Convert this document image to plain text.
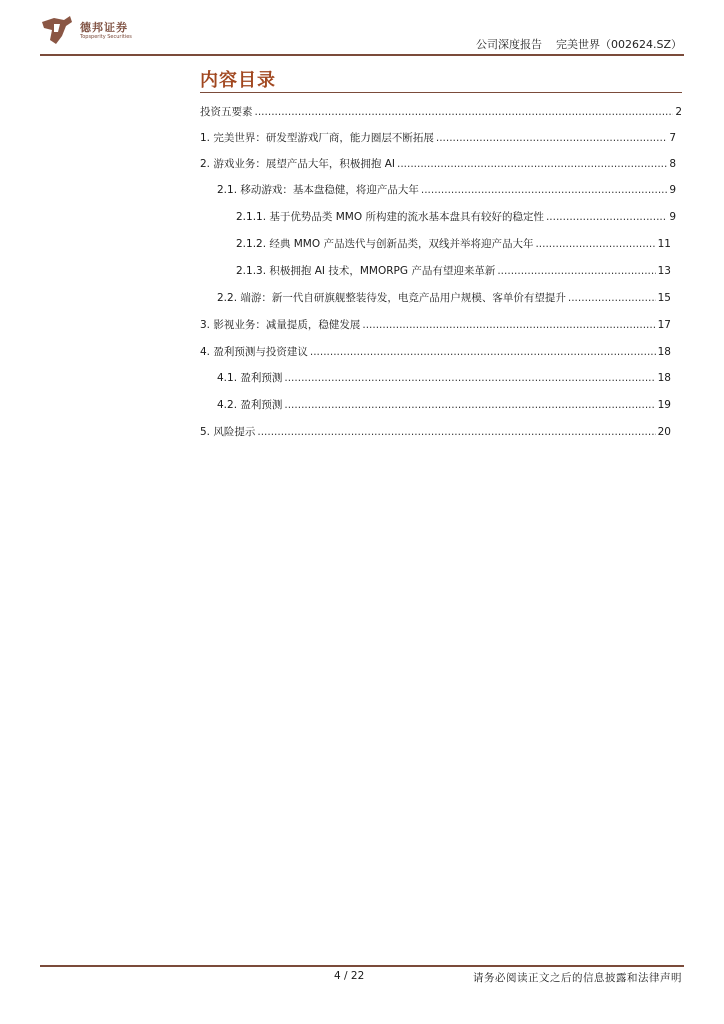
德邦证券
Topsperity Securities
公司深度报告    完美世界（002624.SZ）
内容目录
投资五要素 .....	2
1. 完美世界：研发型游戏厂商，能力圈层不断拓展 .....	7
2. 游戏业务：展望产品大年，积极拥抱 AI .....	8
2.1. 移动游戏：基本盘稳健，将迎产品大年 .....	9
2.1.1. 基于优势品类 MMO 所构建的流水基本盘具有较好的稳定性 .....	9
2.1.2. 经典 MMO 产品迭代与创新品类，双线并举将迎产品大年 .....	11
2.1.3. 积极拥抱 AI 技术，MMORPG 产品有望迎来革新 .....	13
2.2. 端游：新一代自研旗舰整装待发，电竞产品用户规模、客单价有望提升 .....	15
3. 影视业务：减量提质，稳健发展 .....	17
4. 盈利预测与投资建议 .....	18
4.1. 盈利预测 .....	18
4.2. 盈利预测 .....	19
5. 风险提示 .....	20
4 / 22	请务必阅读正文之后的信息披露和法律声明
